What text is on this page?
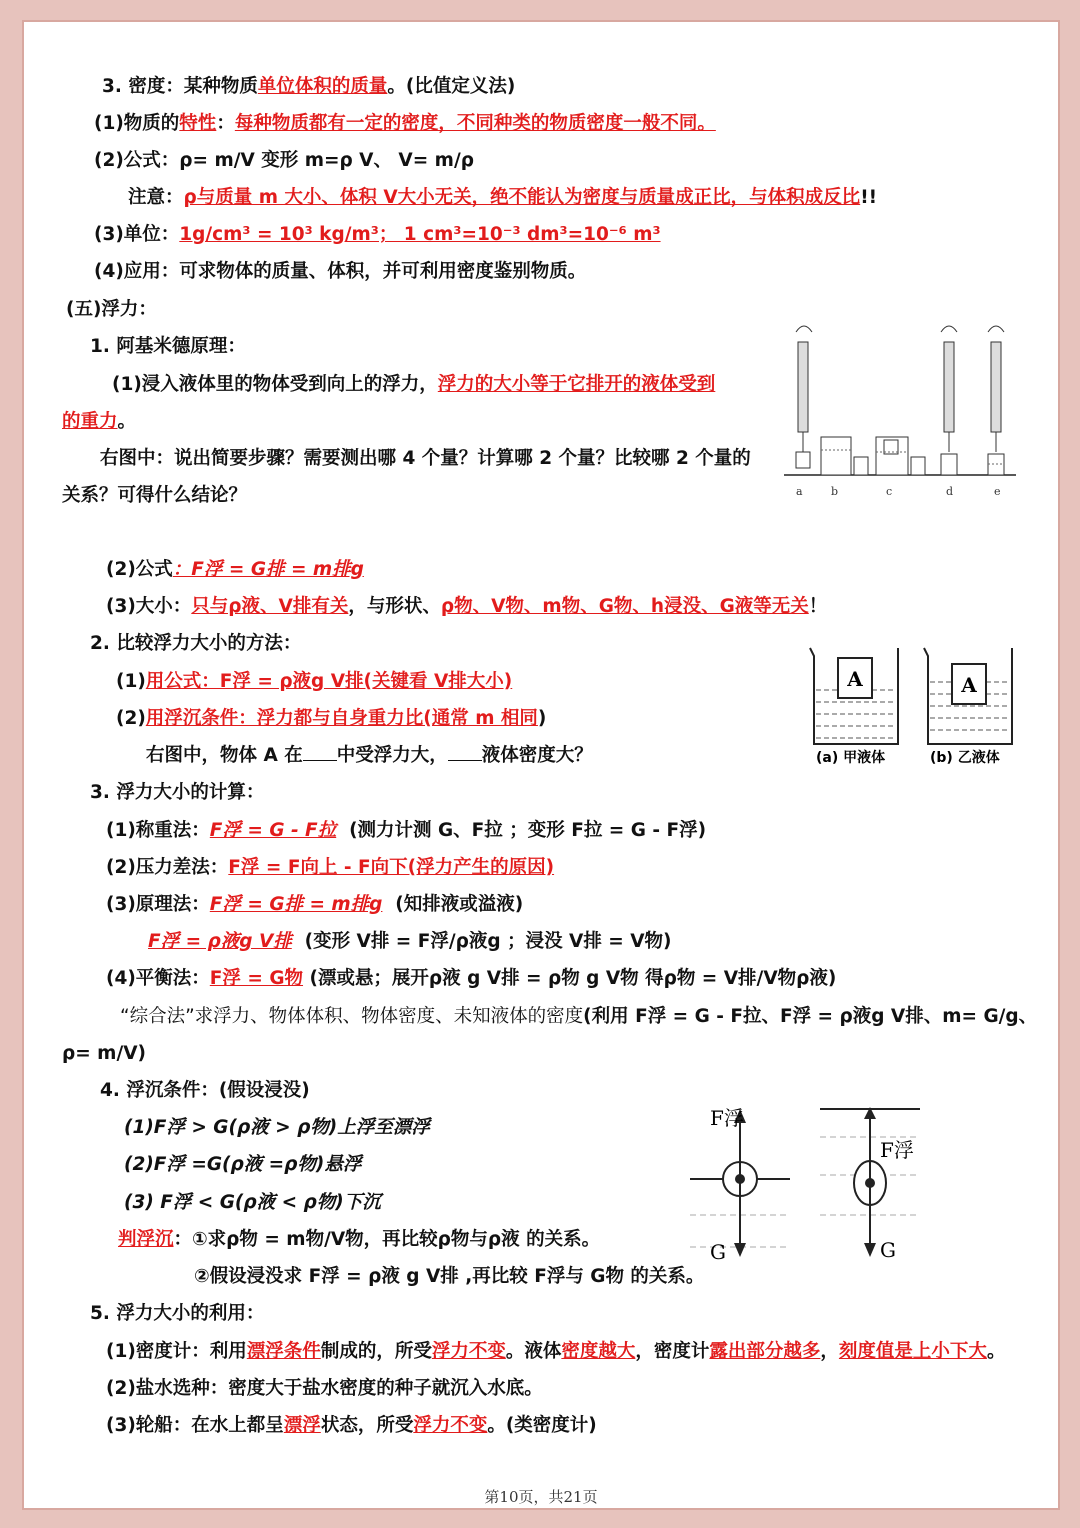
3. 密度：某种物质单位体积的质量。(比值定义法)
(1)物质的特性：每种物质都有一定的密度，不同种类的物质密度一般不同。
(2)公式：ρ= m/V 变形 m=ρ V、 V= m/ρ
注意：ρ与质量 m 大小、体积 V大小无关，绝不能认为密度与质量成正比，与体积成反比!!
(3)单位：1g/cm³ = 10³ kg/m³； 1 cm³=10⁻³ dm³=10⁻⁶ m³
(4)应用：可求物体的质量、体积，并可利用密度鉴别物质。
(五)浮力：
1. 阿基米德原理：
(1)浸入液体里的物体受到向上的浮力，浮力的大小等于它排开的液体受到
的重力。
右图中：说出简要步骤？需要测出哪 4 个量？计算哪 2 个量？比较哪 2 个量的
关系？可得什么结论？	a	b	c	d	e
(2)公式：F浮 = G排 = m排g
(3)大小：只与ρ液、V排有关，与形状、ρ物、V物、m物、G物、h浸没、G液等无关！
2. 比较浮力大小的方法：
(1)用公式：F浮 = ρ液g V排(关键看 V排大小)
(2)用浮沉条件：浮力都与自身重力比(通常 m 相同)
右图中，物体 A 在 中受浮力大， 液体密度大？
A
(a) 甲液体
A
(b) 乙液体
3. 浮力大小的计算：
(1)称重法：F浮 = G - F拉 (测力计测 G、F拉 ；变形 F拉 = G - F浮)
(2)压力差法：F浮 = F向上 - F向下(浮力产生的原因)
(3)原理法：F浮 = G排 = m排g (知排液或溢液)
F浮 = ρ液g V排 (变形 V排 = F浮/ρ液g ；浸没 V排 = V物)
(4)平衡法：F浮 = G物 (漂或悬；展开ρ液 g V排 = ρ物 g V物 得ρ物 = V排/V物ρ液)
“综合法”求浮力、物体体积、物体密度、未知液体的密度(利用 F浮 = G - F拉、F浮 = ρ液g V排、m= G/g、
ρ= m/V)
4. 浮沉条件：(假设浸没)
(1)F浮 > G(ρ液 > ρ物)上浮至漂浮
(2)F浮 =G(ρ液 =ρ物)悬浮
(3) F浮 < G(ρ液 < ρ物)下沉
判浮沉：①求ρ物 = m物/V物，再比较ρ物与ρ液 的关系。
②假设浸没求 F浮 = ρ液 g V排 ,再比较 F浮与 G物 的关系。
F浮
G
F浮
G
5. 浮力大小的利用：
(1)密度计：利用漂浮条件制成的，所受浮力不变。液体密度越大，密度计露出部分越多，刻度值是上小下大。
(2)盐水选种：密度大于盐水密度的种子就沉入水底。
(3)轮船：在水上都呈漂浮状态，所受浮力不变。(类密度计)
第10页，共21页
